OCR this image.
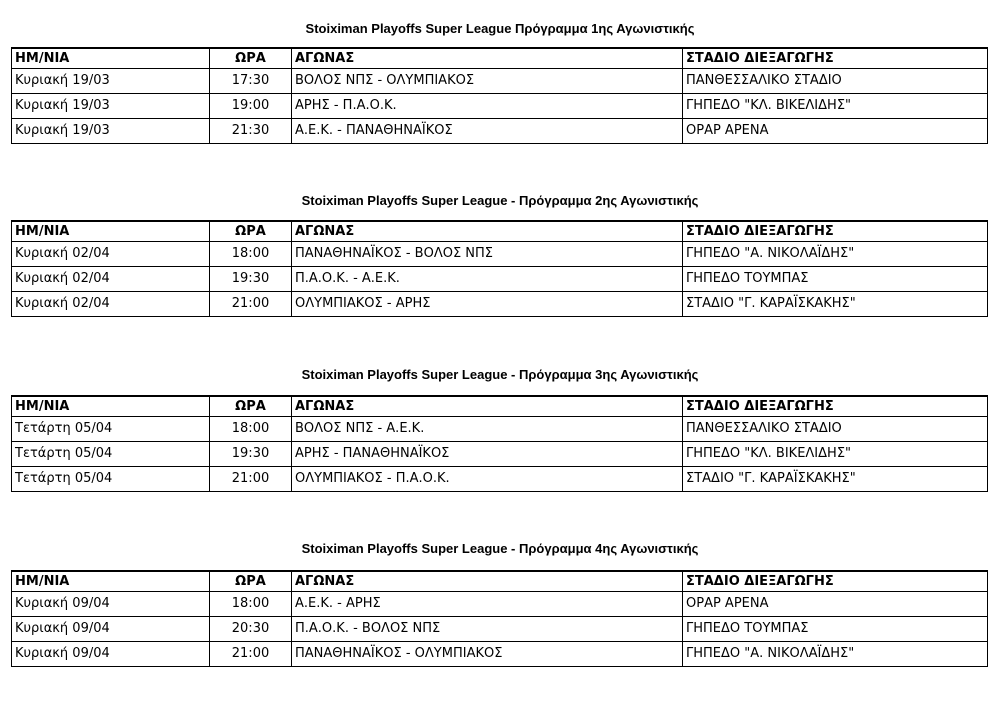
Stoiximan Playoffs Super League Πρόγραμμα 1ης Αγωνιστικής
ΗΜ/ΝΙΑ	ΩΡΑ	ΑΓΩΝΑΣ	ΣΤΑΔΙΟ ΔΙΕΞΑΓΩΓΗΣ
Κυριακή 19/03	17:30	ΒΟΛΟΣ ΝΠΣ - ΟΛΥΜΠΙΑΚΟΣ	ΠΑΝΘΕΣΣΑΛΙΚΟ ΣΤΑΔΙΟ
Κυριακή 19/03	19:00	ΑΡΗΣ - Π.Α.Ο.Κ.	ΓΗΠΕΔΟ "ΚΛ. ΒΙΚΕΛΙΔΗΣ"
Κυριακή 19/03	21:30	Α.Ε.Κ. - ΠΑΝΑΘΗΝΑΪΚΟΣ	ΟΡΑΡ ΑΡΕΝΑ
Stoiximan Playoffs Super League - Πρόγραμμα 2ης Αγωνιστικής
ΗΜ/ΝΙΑ	ΩΡΑ	ΑΓΩΝΑΣ	ΣΤΑΔΙΟ ΔΙΕΞΑΓΩΓΗΣ
Κυριακή 02/04	18:00	ΠΑΝΑΘΗΝΑΪΚΟΣ - ΒΟΛΟΣ ΝΠΣ	ΓΗΠΕΔΟ "Α. ΝΙΚΟΛΑΪΔΗΣ"
Κυριακή 02/04	19:30	Π.Α.Ο.Κ. - Α.Ε.Κ.	ΓΗΠΕΔΟ ΤΟΥΜΠΑΣ
Κυριακή 02/04	21:00	ΟΛΥΜΠΙΑΚΟΣ - ΑΡΗΣ	ΣΤΑΔΙΟ "Γ. ΚΑΡΑΪΣΚΑΚΗΣ"
Stoiximan Playoffs Super League - Πρόγραμμα 3ης Αγωνιστικής
ΗΜ/ΝΙΑ	ΩΡΑ	ΑΓΩΝΑΣ	ΣΤΑΔΙΟ ΔΙΕΞΑΓΩΓΗΣ
Τετάρτη 05/04	18:00	ΒΟΛΟΣ ΝΠΣ - Α.Ε.Κ.	ΠΑΝΘΕΣΣΑΛΙΚΟ ΣΤΑΔΙΟ
Τετάρτη 05/04	19:30	ΑΡΗΣ - ΠΑΝΑΘΗΝΑΪΚΟΣ	ΓΗΠΕΔΟ "ΚΛ. ΒΙΚΕΛΙΔΗΣ"
Τετάρτη 05/04	21:00	ΟΛΥΜΠΙΑΚΟΣ - Π.Α.Ο.Κ.	ΣΤΑΔΙΟ "Γ. ΚΑΡΑΪΣΚΑΚΗΣ"
Stoiximan Playoffs Super League - Πρόγραμμα 4ης Αγωνιστικής
ΗΜ/ΝΙΑ	ΩΡΑ	ΑΓΩΝΑΣ	ΣΤΑΔΙΟ ΔΙΕΞΑΓΩΓΗΣ
Κυριακή 09/04	18:00	Α.Ε.Κ. - ΑΡΗΣ	ΟΡΑΡ ΑΡΕΝΑ
Κυριακή 09/04	20:30	Π.Α.Ο.Κ. - ΒΟΛΟΣ ΝΠΣ	ΓΗΠΕΔΟ ΤΟΥΜΠΑΣ
Κυριακή 09/04	21:00	ΠΑΝΑΘΗΝΑΪΚΟΣ - ΟΛΥΜΠΙΑΚΟΣ	ΓΗΠΕΔΟ "Α. ΝΙΚΟΛΑΪΔΗΣ"
